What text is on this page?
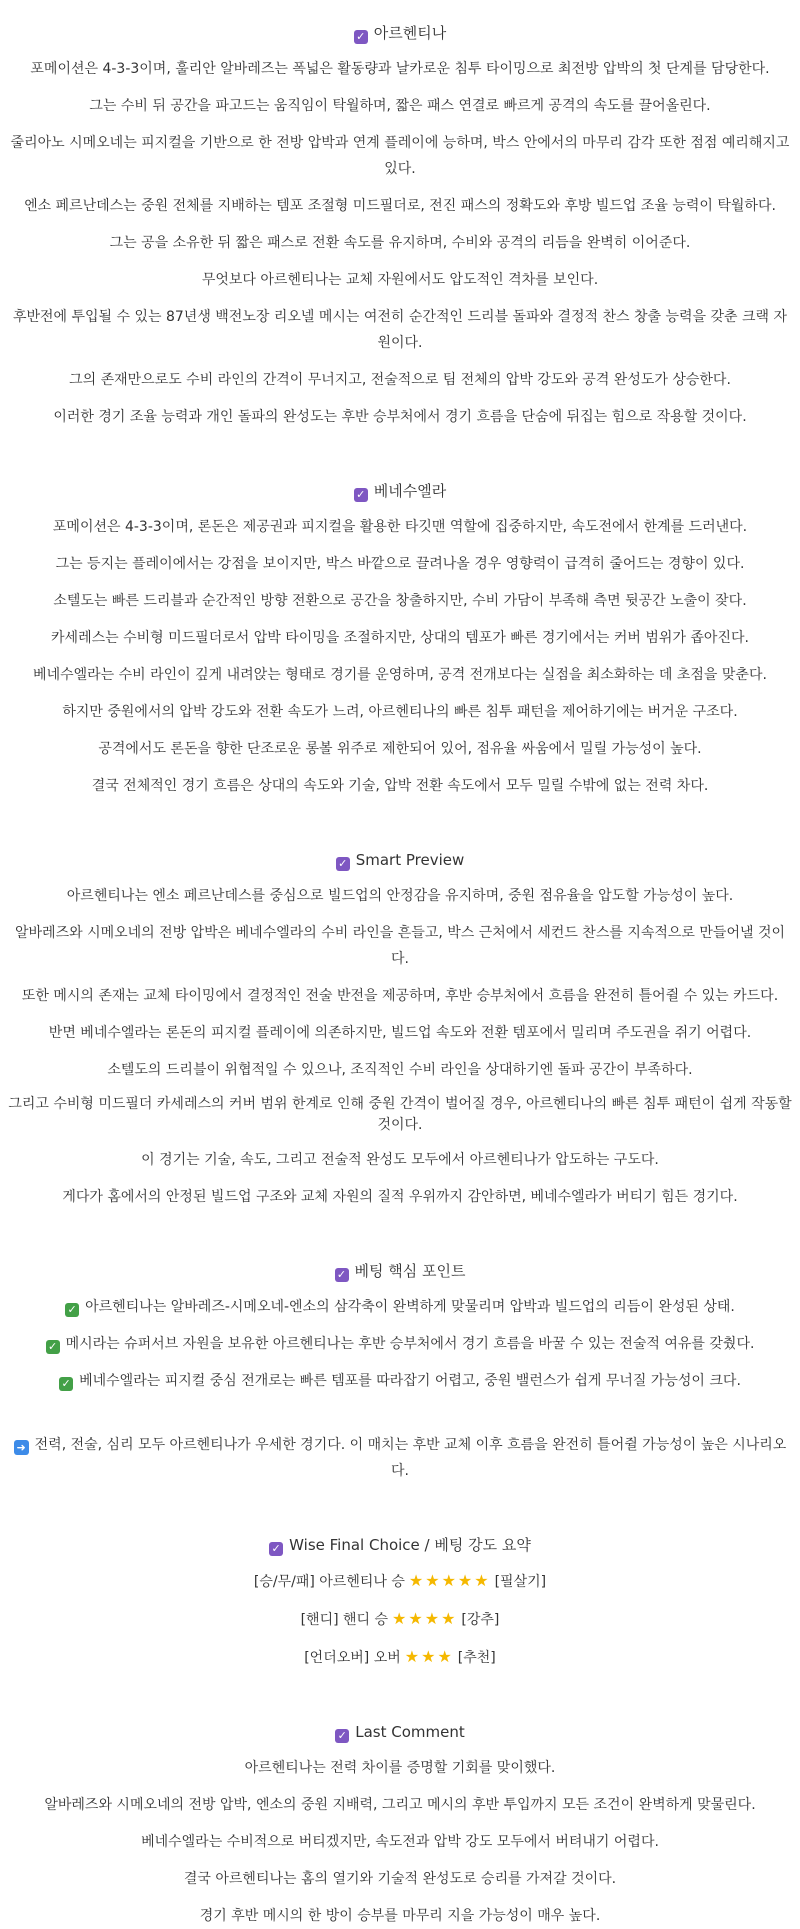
✓ 아르헨티나

포메이션은 4-3-3이며, 훌리안 알바레즈는 폭넓은 활동량과 날카로운 침투 타이밍으로 최전방 압박의 첫 단계를 담당한다.

그는 수비 뒤 공간을 파고드는 움직임이 탁월하며, 짧은 패스 연결로 빠르게 공격의 속도를 끌어올린다.

줄리아노 시메오네는 피지컬을 기반으로 한 전방 압박과 연계 플레이에 능하며, 박스 안에서의 마무리 감각 또한 점점 예리해지고 있다.

엔소 페르난데스는 중원 전체를 지배하는 템포 조절형 미드필더로, 전진 패스의 정확도와 후방 빌드업 조율 능력이 탁월하다.

그는 공을 소유한 뒤 짧은 패스로 전환 속도를 유지하며, 수비와 공격의 리듬을 완벽히 이어준다.

무엇보다 아르헨티나는 교체 자원에서도 압도적인 격차를 보인다.

후반전에 투입될 수 있는 87년생 백전노장 리오넬 메시는 여전히 순간적인 드리블 돌파와 결정적 찬스 창출 능력을 갖춘 크랙 자원이다.

그의 존재만으로도 수비 라인의 간격이 무너지고, 전술적으로 팀 전체의 압박 강도와 공격 완성도가 상승한다.

이러한 경기 조율 능력과 개인 돌파의 완성도는 후반 승부처에서 경기 흐름을 단숨에 뒤집는 힘으로 작용할 것이다.

✓ 베네수엘라

포메이션은 4-3-3이며, 론돈은 제공권과 피지컬을 활용한 타깃맨 역할에 집중하지만, 속도전에서 한계를 드러낸다.

그는 등지는 플레이에서는 강점을 보이지만, 박스 바깥으로 끌려나올 경우 영향력이 급격히 줄어드는 경향이 있다.

소텔도는 빠른 드리블과 순간적인 방향 전환으로 공간을 창출하지만, 수비 가담이 부족해 측면 뒷공간 노출이 잦다.

카세레스는 수비형 미드필더로서 압박 타이밍을 조절하지만, 상대의 템포가 빠른 경기에서는 커버 범위가 좁아진다.

베네수엘라는 수비 라인이 깊게 내려앉는 형태로 경기를 운영하며, 공격 전개보다는 실점을 최소화하는 데 초점을 맞춘다.

하지만 중원에서의 압박 강도와 전환 속도가 느려, 아르헨티나의 빠른 침투 패턴을 제어하기에는 버거운 구조다.

공격에서도 론돈을 향한 단조로운 롱볼 위주로 제한되어 있어, 점유율 싸움에서 밀릴 가능성이 높다.

결국 전체적인 경기 흐름은 상대의 속도와 기술, 압박 전환 속도에서 모두 밀릴 수밖에 없는 전력 차다.

✓ Smart Preview

아르헨티나는 엔소 페르난데스를 중심으로 빌드업의 안정감을 유지하며, 중원 점유율을 압도할 가능성이 높다.

알바레즈와 시메오네의 전방 압박은 베네수엘라의 수비 라인을 흔들고, 박스 근처에서 세컨드 찬스를 지속적으로 만들어낼 것이다.

또한 메시의 존재는 교체 타이밍에서 결정적인 전술 반전을 제공하며, 후반 승부처에서 흐름을 완전히 틀어쥘 수 있는 카드다.

반면 베네수엘라는 론돈의 피지컬 플레이에 의존하지만, 빌드업 속도와 전환 템포에서 밀리며 주도권을 쥐기 어렵다.

소텔도의 드리블이 위협적일 수 있으나, 조직적인 수비 라인을 상대하기엔 돌파 공간이 부족하다.

그리고 수비형 미드필더 카세레스의 커버 범위 한계로 인해 중원 간격이 벌어질 경우, 아르헨티나의 빠른 침투 패턴이 쉽게 작동할 것이다.

이 경기는 기술, 속도, 그리고 전술적 완성도 모두에서 아르헨티나가 압도하는 구도다.

게다가 홈에서의 안정된 빌드업 구조와 교체 자원의 질적 우위까지 감안하면, 베네수엘라가 버티기 힘든 경기다.

✓ 베팅 핵심 포인트

✓ 아르헨티나는 알바레즈-시메오네-엔소의 삼각축이 완벽하게 맞물리며 압박과 빌드업의 리듬이 완성된 상태.

✓ 메시라는 슈퍼서브 자원을 보유한 아르헨티나는 후반 승부처에서 경기 흐름을 바꿀 수 있는 전술적 여유를 갖췄다.

✓ 베네수엘라는 피지컬 중심 전개로는 빠른 템포를 따라잡기 어렵고, 중원 밸런스가 쉽게 무너질 가능성이 크다.

➜ 전력, 전술, 심리 모두 아르헨티나가 우세한 경기다. 이 매치는 후반 교체 이후 흐름을 완전히 틀어쥘 가능성이 높은 시나리오다.

✓ Wise Final Choice / 베팅 강도 요약

[승/무/패] 아르헨티나 승 ★★★★★ [필살기]

[핸디] 핸디 승 ★★★★ [강추]

[언더오버] 오버 ★★★ [추천]

✓ Last Comment

아르헨티나는 전력 차이를 증명할 기회를 맞이했다.

알바레즈와 시메오네의 전방 압박, 엔소의 중원 지배력, 그리고 메시의 후반 투입까지 모든 조건이 완벽하게 맞물린다.

베네수엘라는 수비적으로 버티겠지만, 속도전과 압박 강도 모두에서 버텨내기 어렵다.

결국 아르헨티나는 홈의 열기와 기술적 완성도로 승리를 가져갈 것이다.

경기 후반 메시의 한 방이 승부를 마무리 지을 가능성이 매우 높다.
